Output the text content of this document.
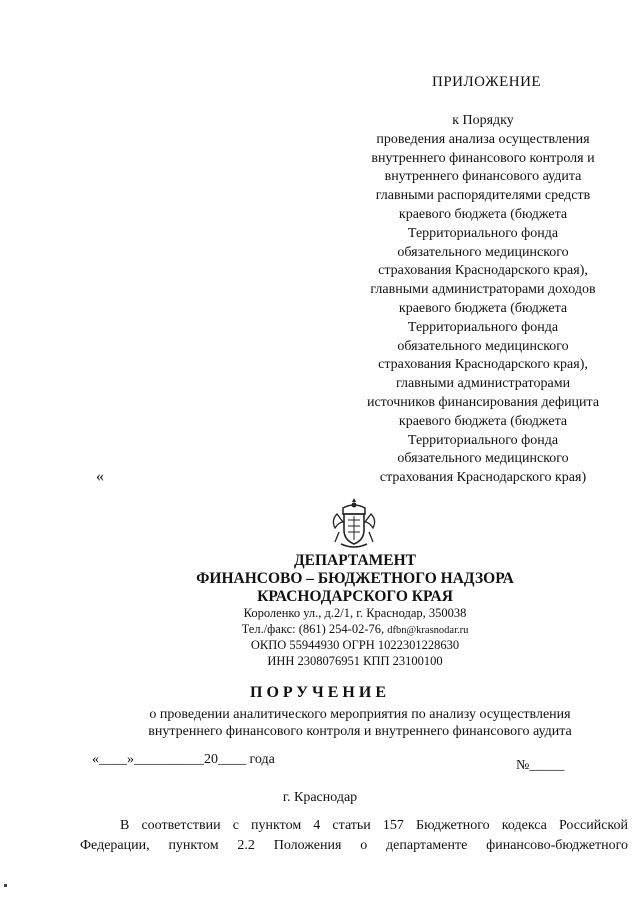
ПРИЛОЖЕНИЕ
к Порядку
проведения анализа осуществления
внутреннего финансового контроля и
внутреннего финансового аудита
главными распорядителями средств
краевого бюджета (бюджета
Территориального фонда
обязательного медицинского
страхования Краснодарского края),
главными администраторами доходов
краевого бюджета (бюджета
Территориального фонда
обязательного медицинского
страхования Краснодарского края),
главными администраторами
источников финансирования дефицита
краевого бюджета (бюджета
Территориального фонда
обязательного медицинского
страхования Краснодарского края)
«
ДЕПАРТАМЕНТ
ФИНАНСОВО – БЮДЖЕТНОГО НАДЗОРА
КРАСНОДАРСКОГО КРАЯ
Короленко ул., д.2/1, г. Краснодар, 350038
Тел./факс: (861) 254-02-76, dfbn@krasnodar.ru
ОКПО 55944930 ОГРН 1022301228630
ИНН 2308076951 КПП 23100100
ПОРУЧЕНИЕ
о проведении аналитического мероприятия по анализу осуществления
внутреннего финансового контроля и внутреннего финансового аудита
«____»__________20____ года	№_____
г. Краснодар
В соответствии с пунктом 4 статьи 157 Бюджетного кодекса Российской
Федерации, пунктом 2.2 Положения о департаменте финансово-бюджетного
